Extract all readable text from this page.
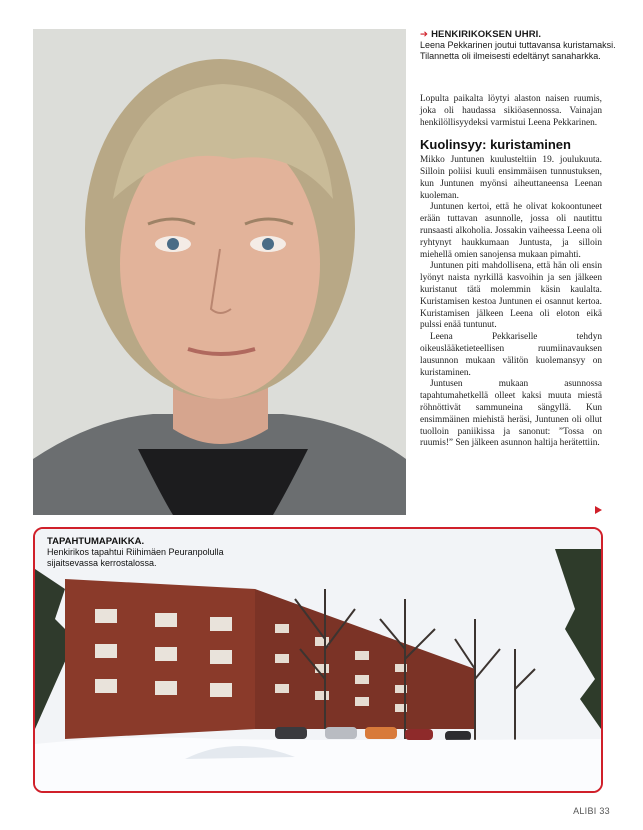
➔ HENKIRIKOKSEN UHRI.
Leena Pekkarinen joutui tuttavansa kuristamaksi. Tilannetta oli ilmeisesti edeltänyt sanaharkka.

Lopulta paikalta löytyi alaston naisen ruumis, joka oli haudassa sikiöasennossa. Vainajan henkilöllisyydeksi varmistui Leena Pekkarinen.

Kuolinsyy: kuristaminen

Mikko Juntunen kuulusteltiin 19. joulukuuta. Silloin poliisi kuuli ensimmäisen tunnustuksen, kun Juntunen myönsi aiheuttaneensa Leenan kuoleman.

Juntunen kertoi, että he olivat kokoontuneet erään tuttavan asunnolle, jossa oli nautittu runsaasti alkoholia. Jossakin vaiheessa Leena oli ryhtynyt haukkumaan Juntusta, ja silloin miehellä omien sanojensa mukaan pimahti.

Juntunen piti mahdollisena, että hän oli ensin lyönyt naista nyrkillä kasvoihin ja sen jälkeen kuristanut tätä molemmin käsin kaulalta. Kuristamisen kestoa Juntunen ei osannut kertoa. Kuristamisen jälkeen Leena oli eloton eikä pulssi enää tuntunut.

Leena Pekkariselle tehdyn oikeuslääketieteellisen ruumiinavauksen lausunnon mukaan välitön kuolemansyy on kuristaminen.

Juntusen mukaan asunnossa tapahtumahetkellä olleet kaksi muuta miestä röhnöttivät sammuneina sängyllä. Kun ensimmäinen miehistä heräsi, Juntunen oli ollut tuolloin paniikissa ja sanonut: ”Tossa on ruumis!” Sen jälkeen asunnon haltija herätettiin.

TAPAHTUMAPAIKKA.
Henkirikos tapahtui Riihimäen Peuranpolulla sijaitsevassa kerrostalossa.
ALIBI 33
